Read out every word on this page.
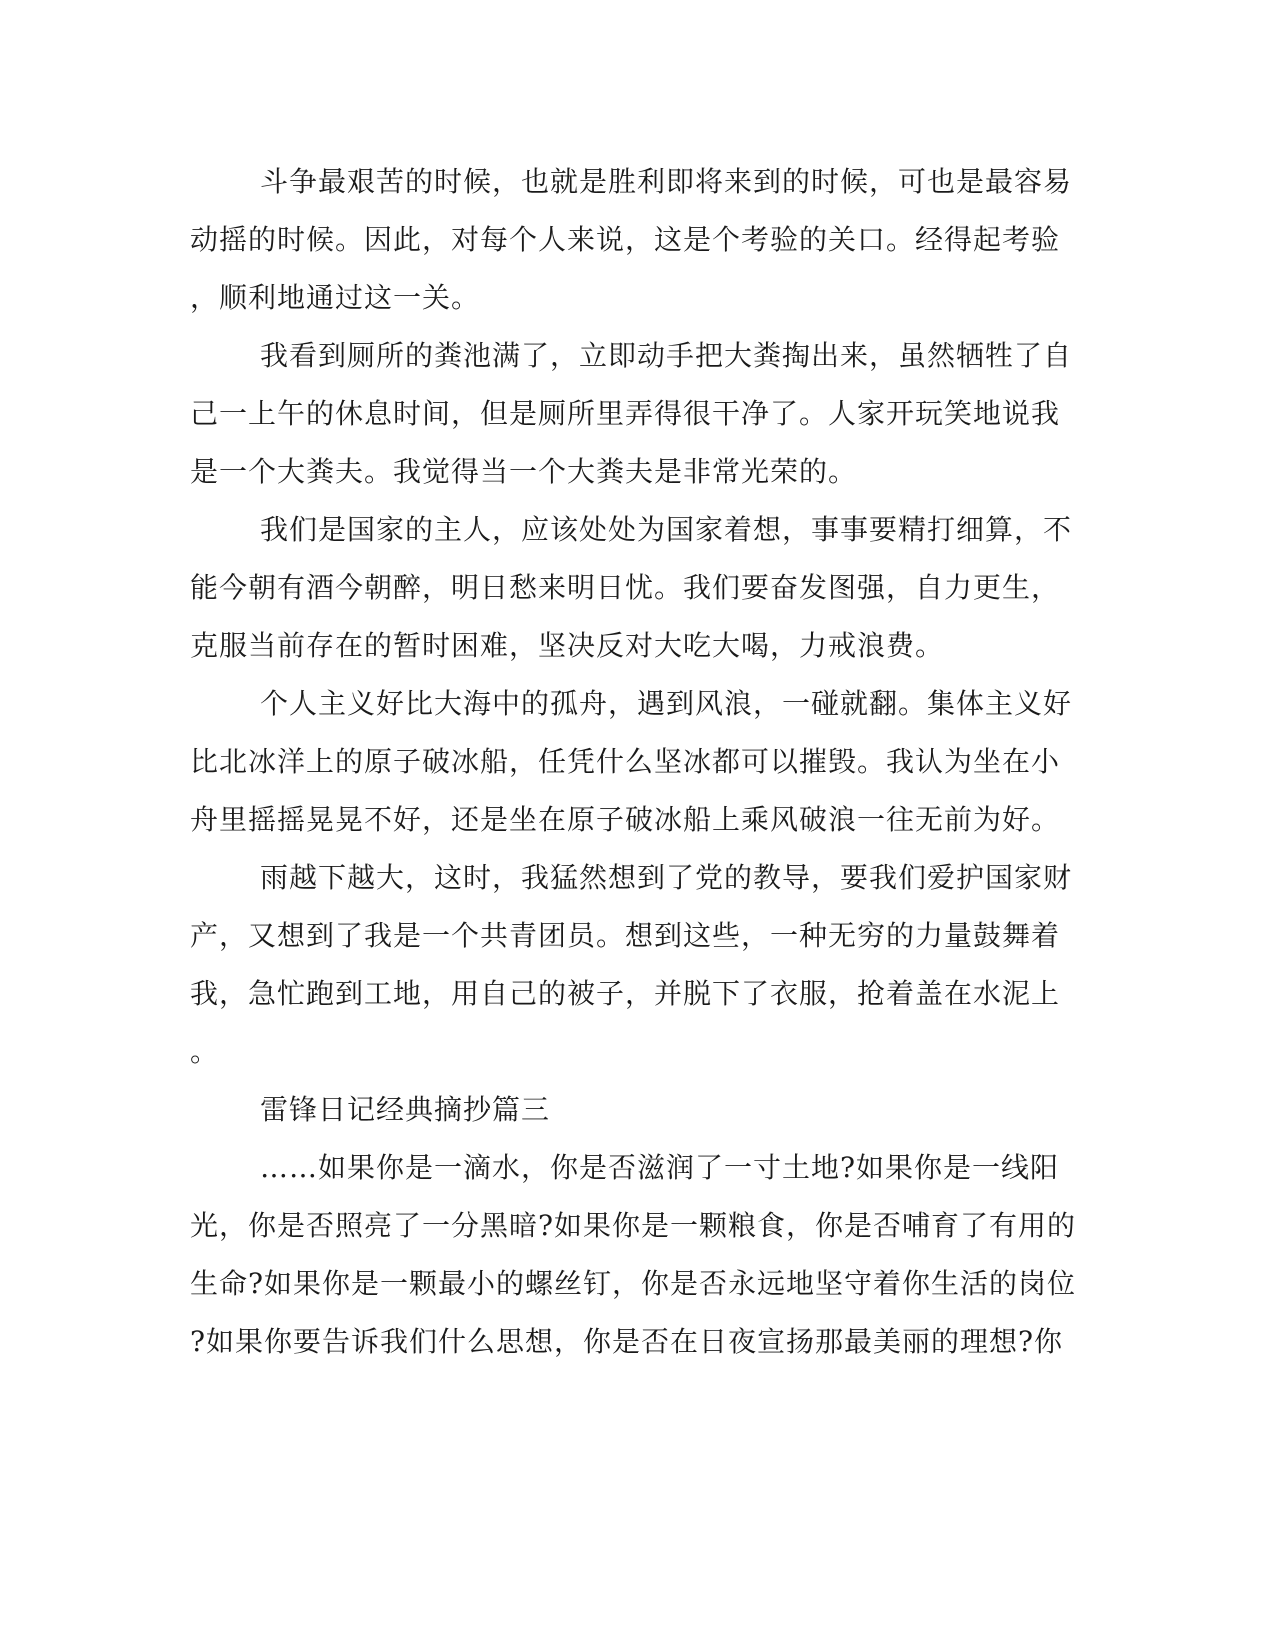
斗争最艰苦的时候，也就是胜利即将来到的时候，可也是最容易
动摇的时候。因此，对每个人来说，这是个考验的关口。经得起考验
，顺利地通过这一关。
我看到厕所的粪池满了，立即动手把大粪掏出来，虽然牺牲了自
己一上午的休息时间，但是厕所里弄得很干净了。人家开玩笑地说我
是一个大粪夫。我觉得当一个大粪夫是非常光荣的。
我们是国家的主人，应该处处为国家着想，事事要精打细算，不
能今朝有酒今朝醉，明日愁来明日忧。我们要奋发图强，自力更生，
克服当前存在的暂时困难，坚决反对大吃大喝，力戒浪费。
个人主义好比大海中的孤舟，遇到风浪，一碰就翻。集体主义好
比北冰洋上的原子破冰船，任凭什么坚冰都可以摧毁。我认为坐在小
舟里摇摇晃晃不好，还是坐在原子破冰船上乘风破浪一往无前为好。
雨越下越大，这时，我猛然想到了党的教导，要我们爱护国家财
产，又想到了我是一个共青团员。想到这些，一种无穷的力量鼓舞着
我，急忙跑到工地，用自己的被子，并脱下了衣服，抢着盖在水泥上
。
雷锋日记经典摘抄篇三
……如果你是一滴水，你是否滋润了一寸土地?如果你是一线阳
光，你是否照亮了一分黑暗?如果你是一颗粮食，你是否哺育了有用的
生命?如果你是一颗最小的螺丝钉，你是否永远地坚守着你生活的岗位
?如果你要告诉我们什么思想，你是否在日夜宣扬那最美丽的理想?你
